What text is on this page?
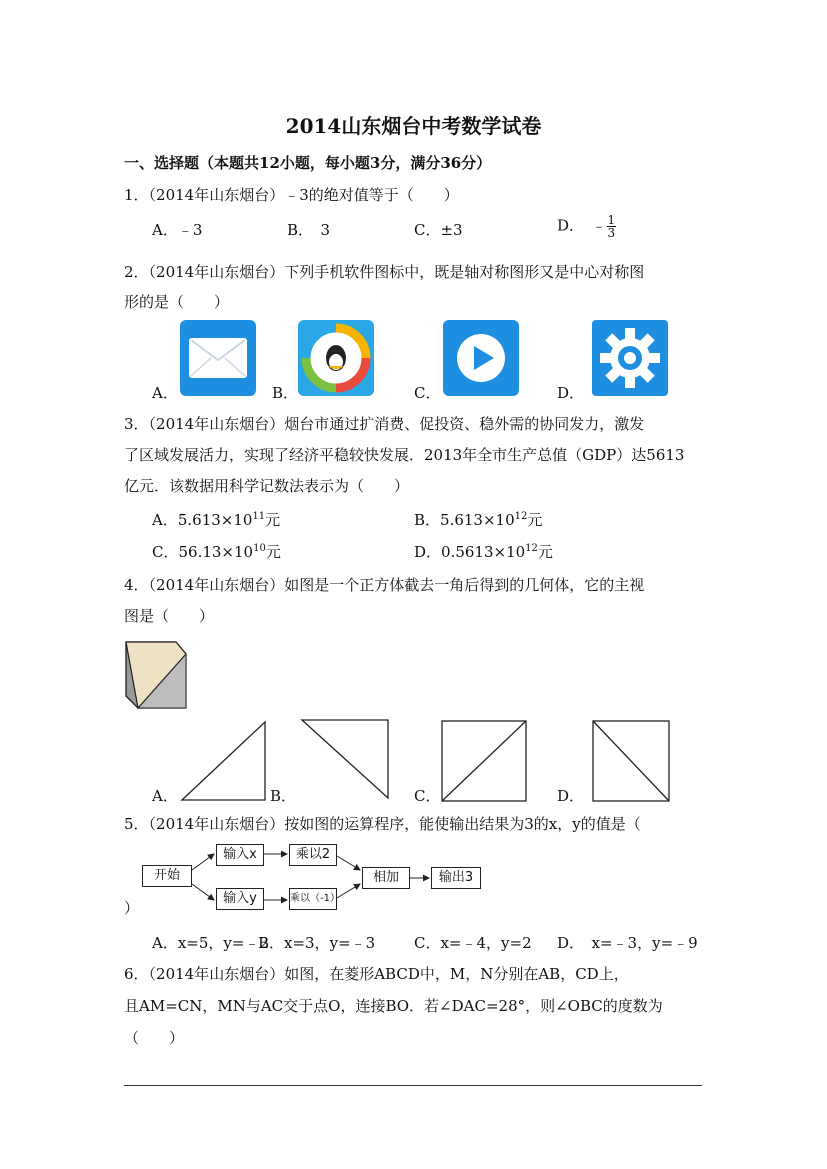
2014山东烟台中考数学试卷
一、选择题（本题共12小题，每小题3分，满分36分）
1．（2014年山东烟台）﹣3的绝对值等于（　　）
A．﹣3	B．　3	C．±3	D．　﹣ $\frac{1}{3}$
2．（2014年山东烟台）下列手机软件图标中，既是轴对称图形又是中心对称图
形的是（　　）
A．	B．	C．	D．
3．（2014年山东烟台）烟台市通过扩消费、促投资、稳外需的协同发力，激发
了区域发展活力，实现了经济平稳较快发展．2013年全市生产总值（GDP）达5613
亿元．该数据用科学记数法表示为（　　）
A．$5.613\times 10^{11}$元	B．$5.613\times 10^{12}$元
C．$56.13\times 10^{10}$元	D．$0.5613\times 10^{12}$元
4．（2014年山东烟台）如图是一个正方体截去一角后得到的几何体，它的主视
图是（　　）
A．	B．	C．	D．
5．（2014年山东烟台）按如图的运算程序，能使输出结果为3的x，y的值是（
开始
输入x	乘以2
输入y	乘以（-1）
相加	输出3
）
A．x=5，y=﹣2
B．x=3，y=﹣3	C．x=﹣4，y=2 D．　x=﹣3，y=﹣9
6．（2014年山东烟台）如图，在菱形ABCD中，M，N分别在AB，CD上，
且AM=CN，MN与AC交于点O，连接BO．若∠DAC=28°，则∠OBC的度数为
（　　）
